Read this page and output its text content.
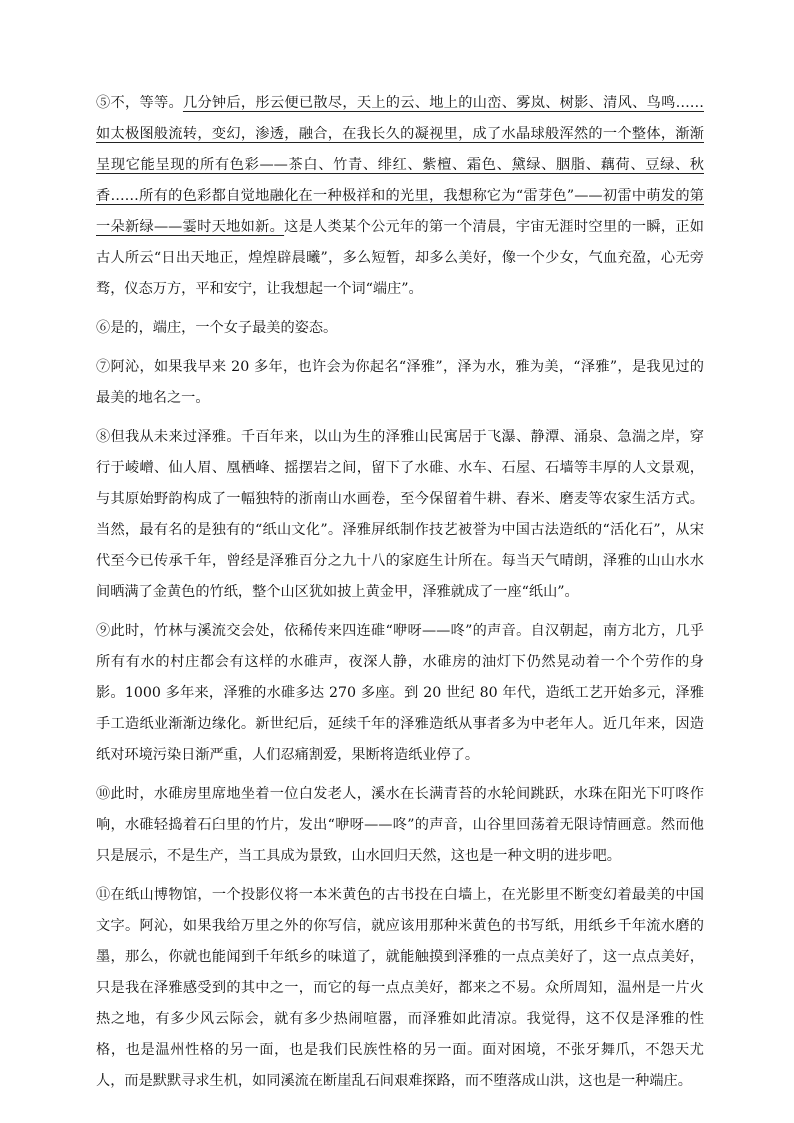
⑤不，等等。几分钟后，彤云便已散尽，天上的云、地上的山峦、雾岚、树影、清风、鸟鸣……如太极图般流转，变幻，渗透，融合，在我长久的凝视里，成了水晶球般浑然的一个整体，渐渐呈现它能呈现的所有色彩——茶白、竹青、绯红、紫檀、霜色、黛绿、胭脂、藕荷、豆绿、秋香……所有的色彩都自觉地融化在一种极祥和的光里，我想称它为“雷芽色”——初雷中萌发的第一朵新绿——霎时天地如新。这是人类某个公元年的第一个清晨，宇宙无涯时空里的一瞬，正如古人所云“日出天地正，煌煌辟晨曦”，多么短暂，却多么美好，像一个少女，气血充盈，心无旁骛，仪态万方，平和安宁，让我想起一个词“端庄”。

⑥是的，端庄，一个女子最美的姿态。

⑦阿沁，如果我早来 20 多年，也许会为你起名“泽雅”，泽为水，雅为美，“泽雅”，是我见过的最美的地名之一。

⑧但我从未来过泽雅。千百年来，以山为生的泽雅山民寓居于飞瀑、静潭、涌泉、急湍之岸，穿行于崚嶒、仙人眉、凰栖峰、摇摆岩之间，留下了水碓、水车、石屋、石墙等丰厚的人文景观，与其原始野韵构成了一幅独特的浙南山水画卷，至今保留着牛耕、舂米、磨麦等农家生活方式。当然，最有名的是独有的“纸山文化”。泽雅屏纸制作技艺被誉为中国古法造纸的“活化石”，从宋代至今已传承千年，曾经是泽雅百分之九十八的家庭生计所在。每当天气晴朗，泽雅的山山水水间晒满了金黄色的竹纸，整个山区犹如披上黄金甲，泽雅就成了一座“纸山”。

⑨此时，竹林与溪流交会处，依稀传来四连碓“咿呀——咚”的声音。自汉朝起，南方北方，几乎所有有水的村庄都会有这样的水碓声，夜深人静，水碓房的油灯下仍然晃动着一个个劳作的身影。1000 多年来，泽雅的水碓多达 270 多座。到 20 世纪 80 年代，造纸工艺开始多元，泽雅手工造纸业渐渐边缘化。新世纪后，延续千年的泽雅造纸从事者多为中老年人。近几年来，因造纸对环境污染日渐严重，人们忍痛割爱，果断将造纸业停了。

⑩此时，水碓房里席地坐着一位白发老人，溪水在长满青苔的水轮间跳跃，水珠在阳光下叮咚作响，水碓轻捣着石臼里的竹片，发出“咿呀——咚”的声音，山谷里回荡着无限诗情画意。然而他只是展示，不是生产，当工具成为景致，山水回归天然，这也是一种文明的进步吧。

⑪在纸山博物馆，一个投影仪将一本米黄色的古书投在白墙上，在光影里不断变幻着最美的中国文字。阿沁，如果我给万里之外的你写信，就应该用那种米黄色的书写纸，用纸乡千年流水磨的墨，那么，你就也能闻到千年纸乡的味道了，就能触摸到泽雅的一点点美好了，这一点点美好，只是我在泽雅感受到的其中之一，而它的每一点点美好，都来之不易。众所周知，温州是一片火热之地，有多少风云际会，就有多少热闹喧嚣，而泽雅如此清凉。我觉得，这不仅是泽雅的性格，也是温州性格的另一面，也是我们民族性格的另一面。面对困境，不张牙舞爪，不怨天尤人，而是默默寻求生机，如同溪流在断崖乱石间艰难探路，而不堕落成山洪，这也是一种端庄。
